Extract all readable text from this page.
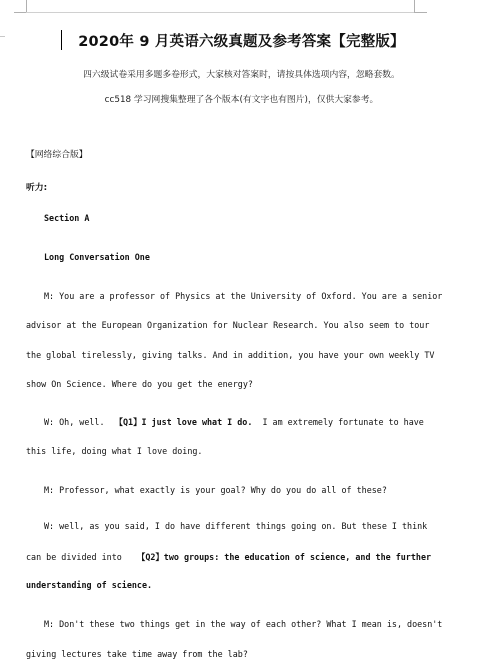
2020年 9 月英语六级真题及参考答案【完整版】
四六级试卷采用多题多卷形式，大家核对答案时，请按具体选项内容，忽略套数。
cc518 学习网搜集整理了各个版本(有文字也有图片)，仅供大家参考。
【网络综合版】
听力:
Section A
Long Conversation One
M: You are a professor of Physics at the University of Oxford. You are a senior
advisor at the European Organization for Nuclear Research. You also seem to tour
the global tirelessly, giving talks. And in addition, you have your own weekly TV
show On Science. Where do you get the energy?
W: Oh, well. 【Q1】I just love what I do. I am extremely fortunate to have
this life, doing what I love doing.
M: Professor, what exactly is your goal? Why do you do all of these?
W: well, as you said, I do have different things going on. But these I think
can be divided into 【Q2】two groups: the education of science, and the further
understanding of science.
M: Don't these two things get in the way of each other? What I mean is, doesn't
giving lectures take time away from the lab?
